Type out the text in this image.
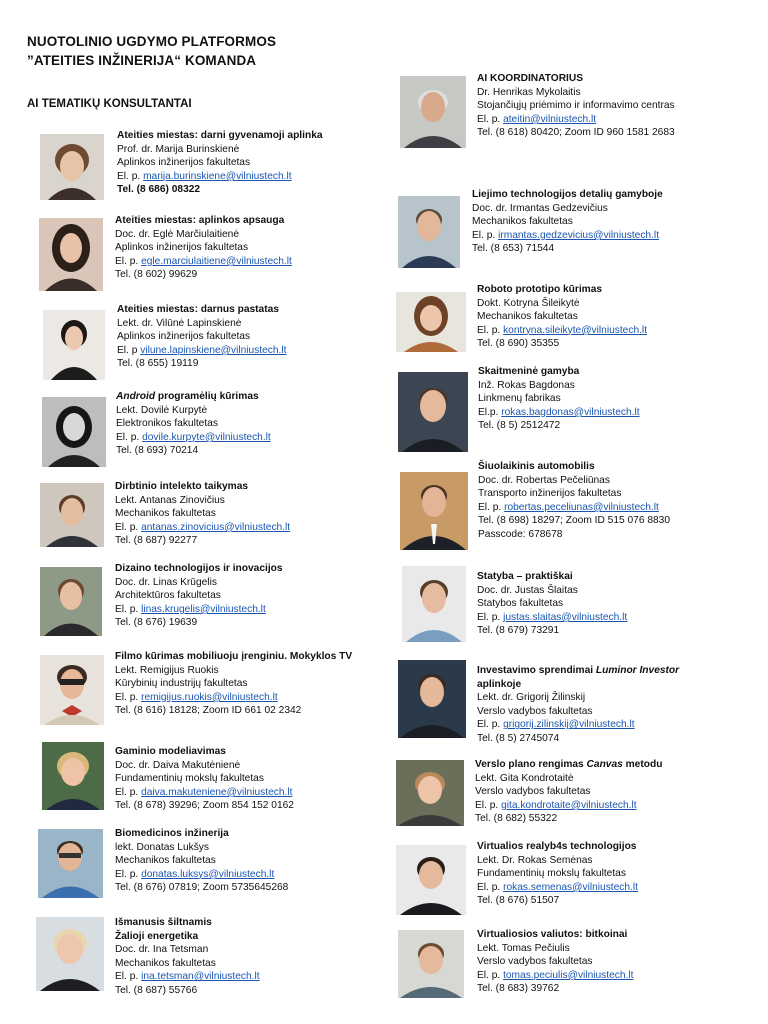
NUOTOLINIO UGDYMO PLATFORMOS
”ATEITIES INŽINERIJA“ KOMANDA
AI TEMATIKŲ KONSULTANTAI
Ateities miestas: darni gyvenamoji aplinka
Prof. dr. Marija Burinskienė
Aplinkos inžinerijos fakultetas
El. p. marija.burinskiene@vilniustech.lt
Tel. (8 686) 08322
Ateities miestas: aplinkos apsauga
Doc. dr. Eglė Marčiulaitienė
Aplinkos inžinerijos fakultetas
El. p. egle.marciulaitiene@vilniustech.lt
Tel. (8 602) 99629
Ateities miestas: darnus pastatas
Lekt. dr. Vilūnė Lapinskienė
Aplinkos inžinerijos fakultetas
El. p vilune.lapinskiene@vilniustech.lt
Tel. (8 655) 19119
Android programėlių kūrimas
Lekt. Dovilė Kurpytė
Elektronikos fakultetas
El. p. dovile.kurpyte@vilniustech.lt
Tel. (8 693) 70214
Dirbtinio intelekto taikymas
Lekt. Antanas Zinovičius
Mechanikos fakultetas
El. p. antanas.zinovicius@vilniustech.lt
Tel. (8 687) 92277
Dizaino technologijos ir inovacijos
Doc. dr. Linas Krūgelis
Architektūros fakultetas
El. p. linas.krugelis@vilniustech.lt
Tel. (8 676) 19639
Filmo kūrimas mobiliuoju įrenginiu. Mokyklos TV
Lekt. Remigijus Ruokis
Kūrybinių industrijų fakultetas
El. p. remigijus.ruokis@vilniustech.lt
Tel. (8 616) 18128; Zoom ID 661 02 2342
Gaminio modeliavimas
Doc. dr. Daiva Makutėnienė
Fundamentinių mokslų fakultetas
El. p. daiva.makuteniene@vilniustech.lt
Tel. (8 678) 39296; Zoom 854 152 0162
Biomedicinos inžinerija
lekt. Donatas Lukšys
Mechanikos fakultetas
El. p. donatas.luksys@vilniustech.lt
Tel. (8 676) 07819; Zoom 5735645268
Išmanusis šiltnamis
Žalioji energetika
Doc. dr. Ina Tetsman
Mechanikos fakultetas
El. p. ina.tetsman@vilniustech.lt
Tel. (8 687) 55766
AI KOORDINATORIUS
Dr. Henrikas Mykolaitis
Stojančiųjų priėmimo ir informavimo centras
El. p. ateitin@vilniustech.lt
Tel. (8 618) 80420; Zoom ID 960 1581 2683
Liejimo technologijos detalių gamyboje
Doc. dr. Irmantas Gedzevičius
Mechanikos fakultetas
El. p. irmantas.gedzevicius@vilniustech.lt
Tel. (8 653) 71544
Roboto prototipo kūrimas
Dokt. Kotryna Šileikytė
Mechanikos fakultetas
El. p. kontryna.sileikyte@vilniustech.lt
Tel. (8 690) 35355
Skaitmeninė gamyba
Inž. Rokas Bagdonas
Linkmenų fabrikas
El.p. rokas.bagdonas@vilniustech.lt
Tel. (8 5) 2512472
Šiuolaikinis automobilis
Doc. dr. Robertas Pečeliūnas
Transporto inžinerijos fakultetas
El. p. robertas.peceliunas@vilniustech.lt
Tel. (8 698) 18297; Zoom ID 515 076 8830
Passcode: 678678
Statyba – praktiškai
Doc. dr. Justas Šlaitas
Statybos fakultetas
El. p. justas.slaitas@vilniustech.lt
Tel. (8 679) 73291
Investavimo sprendimai Luminor Investor
aplinkoje
Lekt. dr. Grigorij Žilinskij
Verslo vadybos fakultetas
El. p. grigorij.zilinskij@vilniustech.lt
Tel. (8 5) 2745074
Verslo plano rengimas Canvas metodu
Lekt. Gita Kondrotaitė
Verslo vadybos fakultetas
El. p. gita.kondrotaite@vilniustech.lt
Tel. (8 682) 55322
Virtualios realyb4s technologijos
Lekt. Dr. Rokas Semėnas
Fundamentinių mokslų fakultetas
El. p. rokas.semenas@vilniustech.lt
Tel. (8 676) 51507
Virtualiosios valiutos: bitkoinai
Lekt. Tomas Pečiulis
Verslo vadybos fakultetas
El. p. tomas.peciulis@vilniustech.lt
Tel. (8 683) 39762
